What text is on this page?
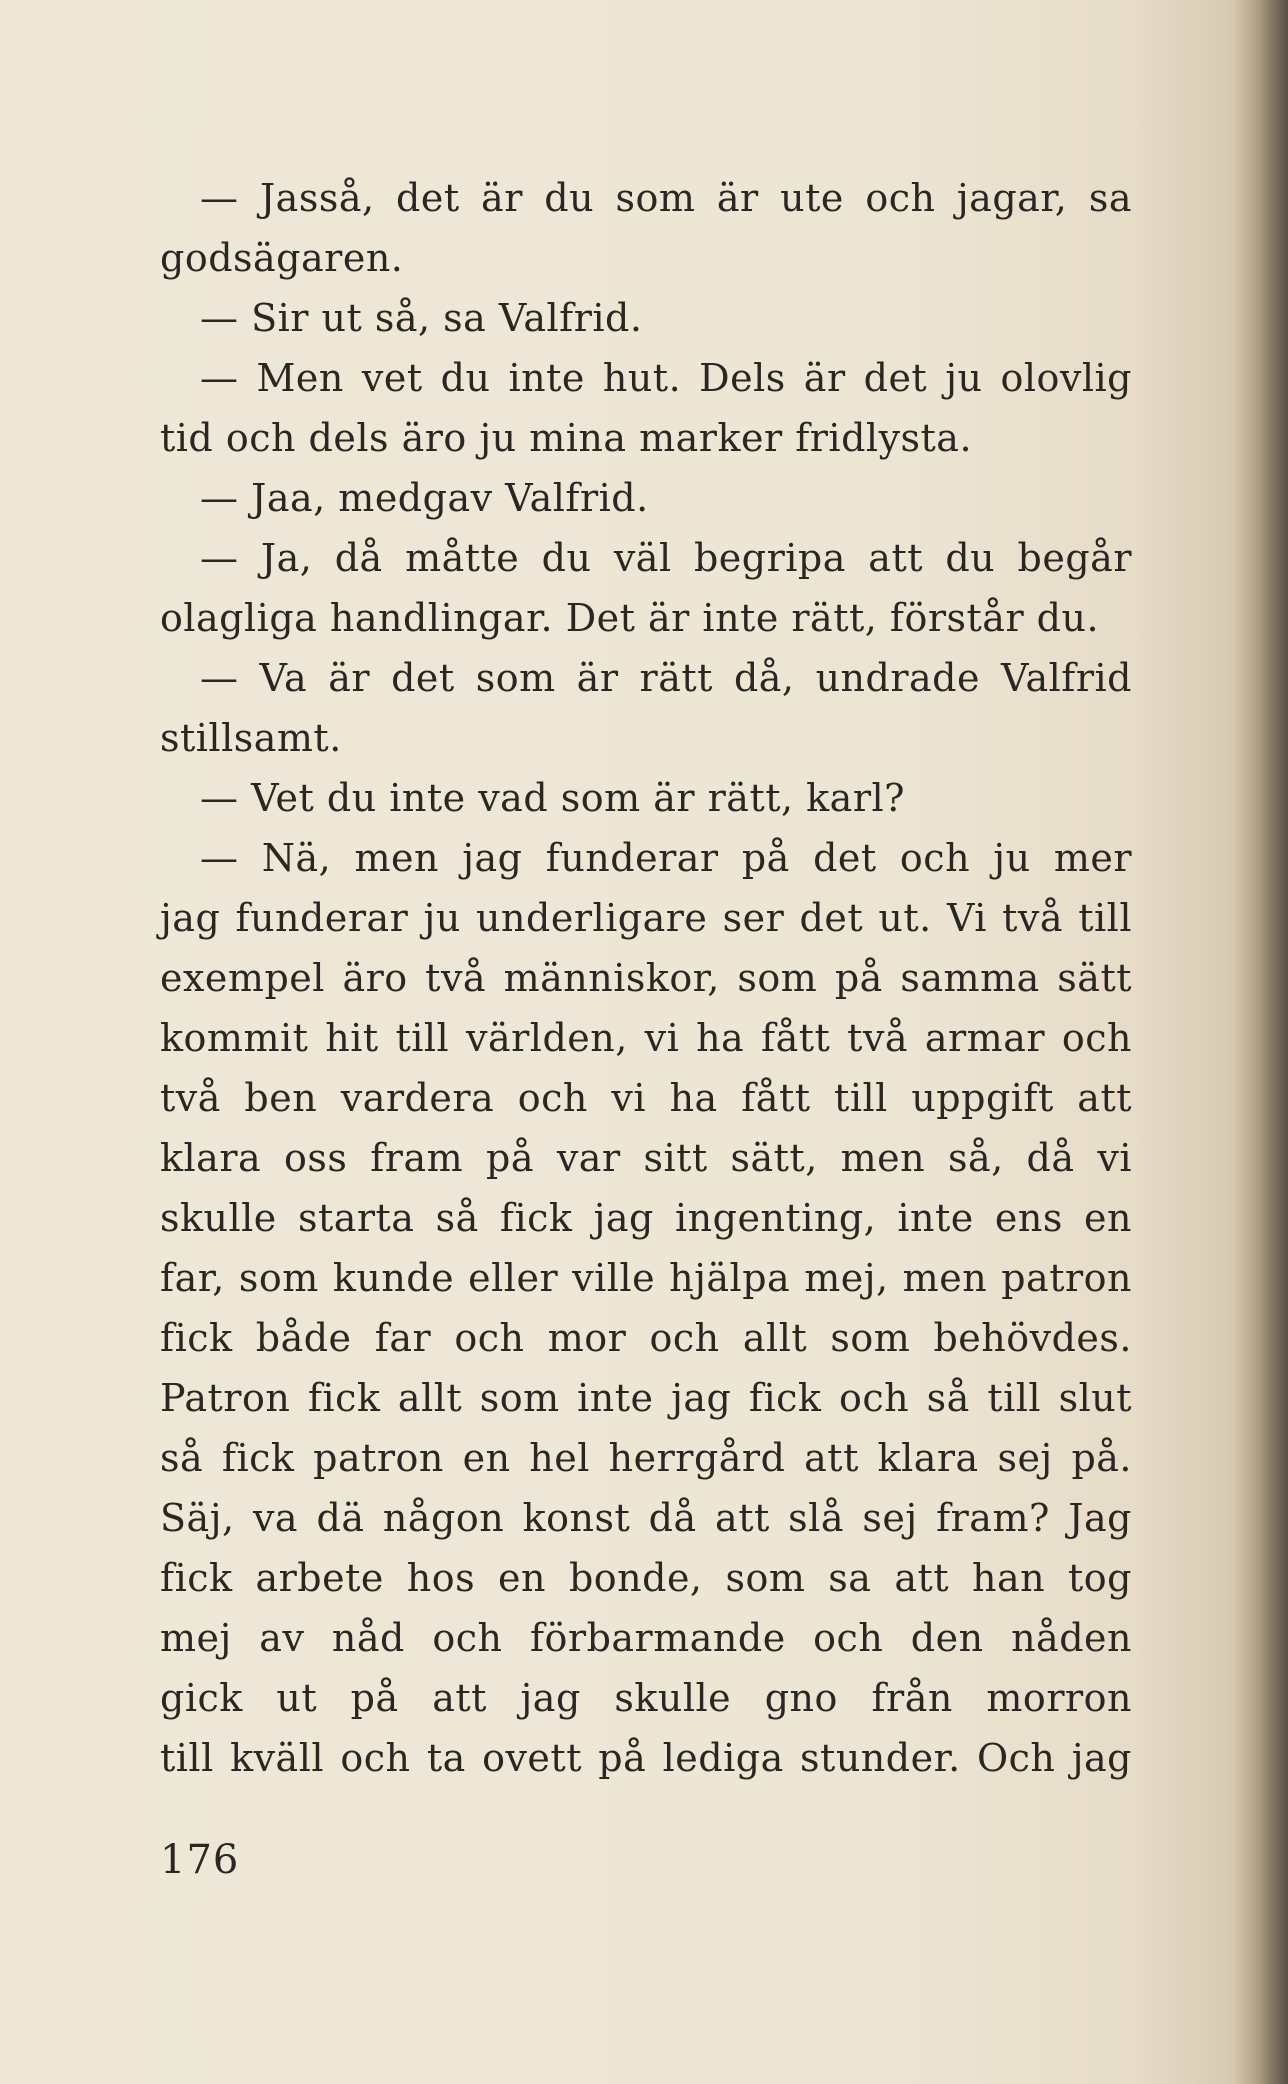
— Jasså, det är du som är ute och jagar, sa
godsägaren.
— Sir ut så, sa Valfrid.
— Men vet du inte hut. Dels är det ju olovlig
tid och dels äro ju mina marker fridlysta.
— Jaa, medgav Valfrid.
— Ja, då måtte du väl begripa att du begår
olagliga handlingar. Det är inte rätt, förstår du.
— Va är det som är rätt då, undrade Valfrid
stillsamt.
— Vet du inte vad som är rätt, karl?
— Nä, men jag funderar på det och ju mer
jag funderar ju underligare ser det ut. Vi två till
exempel äro två människor, som på samma sätt
kommit hit till världen, vi ha fått två armar och
två ben vardera och vi ha fått till uppgift att
klara oss fram på var sitt sätt, men så, då vi
skulle starta så fick jag ingenting, inte ens en
far, som kunde eller ville hjälpa mej, men patron
fick både far och mor och allt som behövdes.
Patron fick allt som inte jag fick och så till slut
så fick patron en hel herrgård att klara sej på.
Säj, va dä någon konst då att slå sej fram? Jag
fick arbete hos en bonde, som sa att han tog
mej av nåd och förbarmande och den nåden
gick ut på att jag skulle gno från morron
till kväll och ta ovett på lediga stunder. Och jag
176
